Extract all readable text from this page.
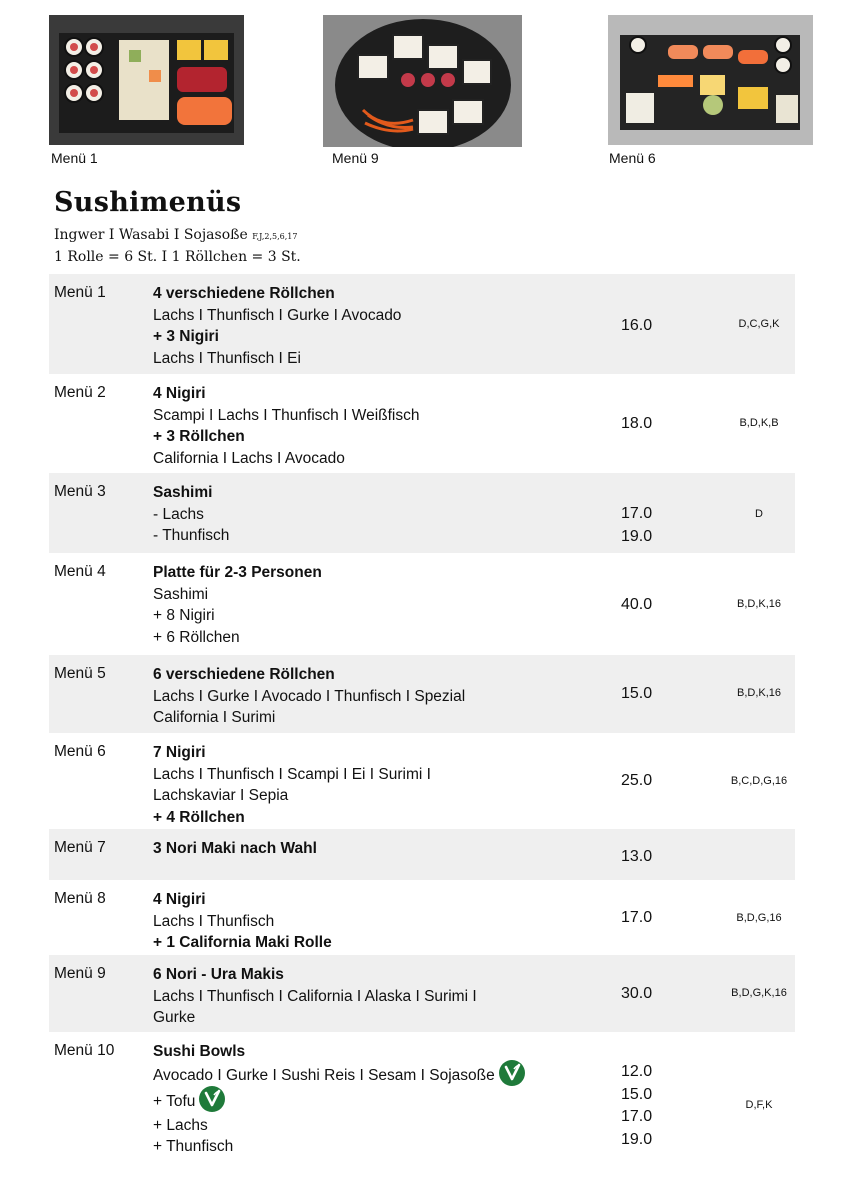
Menü 1	Menü 9	Menü 6
Sushimenüs
Ingwer I Wasabi I Sojasoße F,J,2,5,6,17
1 Rolle = 6 St. I 1 Röllchen = 3 St.
Menü 1	4 verschiedene Röllchen
Lachs I Thunfisch I Gurke I Avocado
+ 3 Nigiri
Lachs I Thunfisch I Ei
16.0	D,C,G,K
Menü 2	4 Nigiri
Scampi I Lachs I Thunfisch I Weißfisch
+ 3 Röllchen
California I Lachs I Avocado
18.0	B,D,K,B
Menü 3	Sashimi
- Lachs
- Thunfisch
17.0
19.0
D
Menü 4	Platte für 2-3 Personen
Sashimi
+ 8 Nigiri
+ 6 Röllchen
40.0	B,D,K,16
Menü 5	6 verschiedene Röllchen
Lachs I Gurke I Avocado I Thunfisch I Spezial
California I Surimi
15.0	B,D,K,16
Menü 6	7 Nigiri
Lachs I Thunfisch I Scampi I Ei I Surimi I
Lachskaviar I Sepia
+ 4 Röllchen
25.0	B,C,D,G,16
Menü 7	3 Nori Maki nach Wahl	13.0
Menü 8	4 Nigiri
Lachs I Thunfisch
+ 1 California Maki Rolle
17.0	B,D,G,16
Menü 9	6 Nori - Ura Makis
Lachs I Thunfisch I California I Alaska I Surimi I
Gurke
30.0	B,D,G,K,16
Menü 10 Sushi Bowls
Avocado I Gurke I Sushi Reis I Sesam I Sojasoße
+ Tofu
+ Lachs
+ Thunfisch
12.0
15.0
17.0
19.0
D,F,K
